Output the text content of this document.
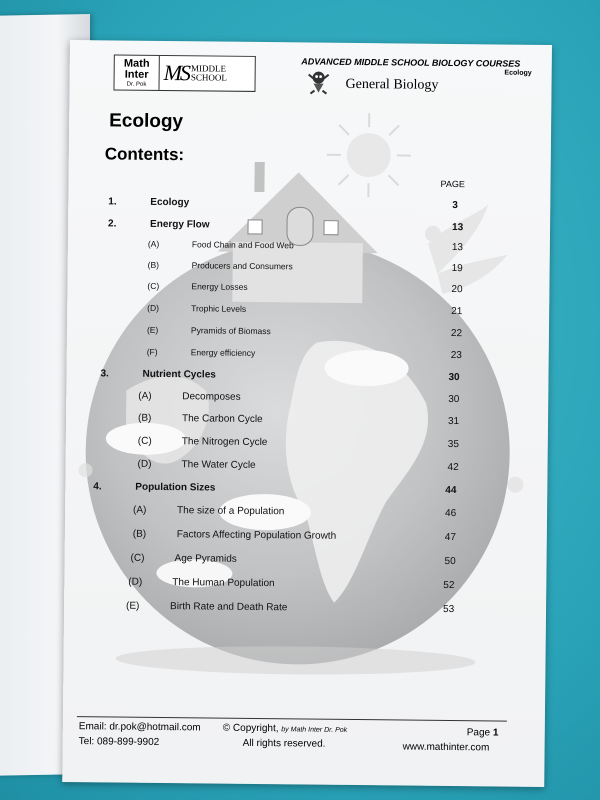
Math
Inter
Dr. Pok MS MIDDLE
SCHOOL
ADVANCED MIDDLE SCHOOL BIOLOGY COURSES
Ecology
General Biology
Ecology
Contents:
PAGE
1.	Ecology	3
2.	Energy Flow	13
(A)	Food Chain and Food Web	13
(B)	Producers and Consumers	19
(C)	Energy Losses	20
(D)	Trophic Levels	21
(E)	Pyramids of Biomass	22
(F)	Energy efficiency	23
3.	Nutrient Cycles	30
(A)	Decomposes	30
(B)	The Carbon Cycle	31
(C)	The Nitrogen Cycle	35
(D)	The Water Cycle	42
4.	Population Sizes	44
(A)	The size of a Population	46
(B)	Factors Affecting Population Growth	47
(C)	Age Pyramids	50
(D)	The Human Population	52
(E)	Birth Rate and Death Rate	53
Email: dr.pok@hotmail.com
Tel: 089-899-9902
© Copyright, by Math Inter Dr. Pok
All rights reserved.
Page 1
www.mathinter.com
